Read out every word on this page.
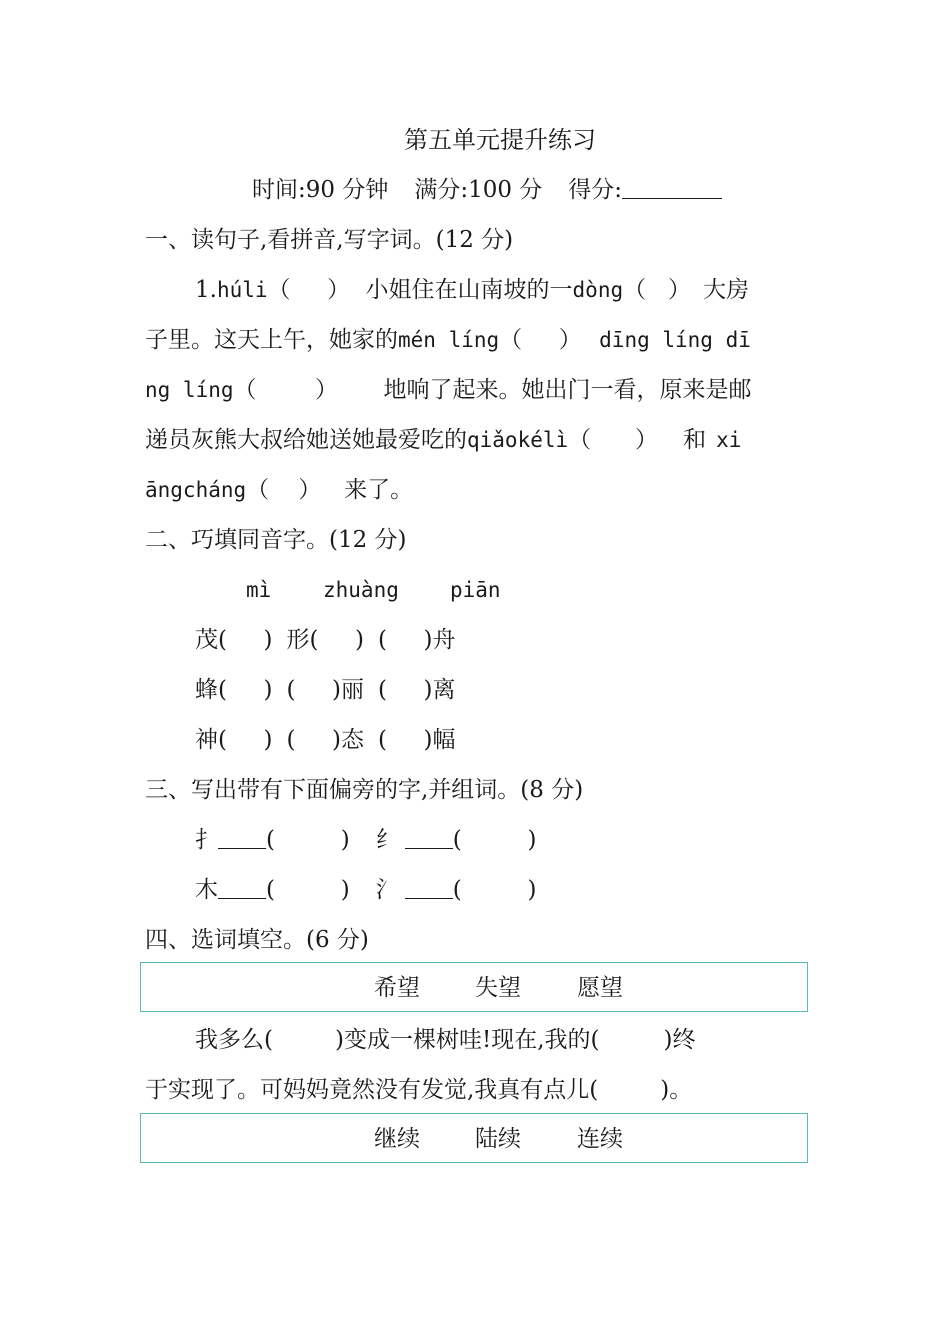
第五单元提升练习
时间:90 分钟 满分:100 分 得分:
一、读句子,看拼音,写字词。(12 分)
1.húli（     ） 小姐住在山南坡的一dòng（   ） 大房
子里。这天上午，她家的mén líng（     ） dīng líng dī
ng líng（        ） 地响了起来。她出门一看，原来是邮
递员灰熊大叔给她送她最爱吃的qiǎokélì（      ） 和 xi
āngcháng（    ） 来了。
二、巧填同音字。(12 分)
mì zhuàng piān
茂(     ) 形(     ) (     )舟
蜂(     ) (     )丽 (     )离
神(     ) (     )态 (     )幅
三、写出带有下面偏旁的字,并组词。(8 分)
扌 (         ) 纟 (         )
木 (         ) 氵 (         )
四、选词填空。(6 分)
希望 失望 愿望
我多么(	)变成一棵树哇!现在,我的(	)终
于实现了。可妈妈竟然没有发觉,我真有点儿(	)。
继续 陆续 连续
